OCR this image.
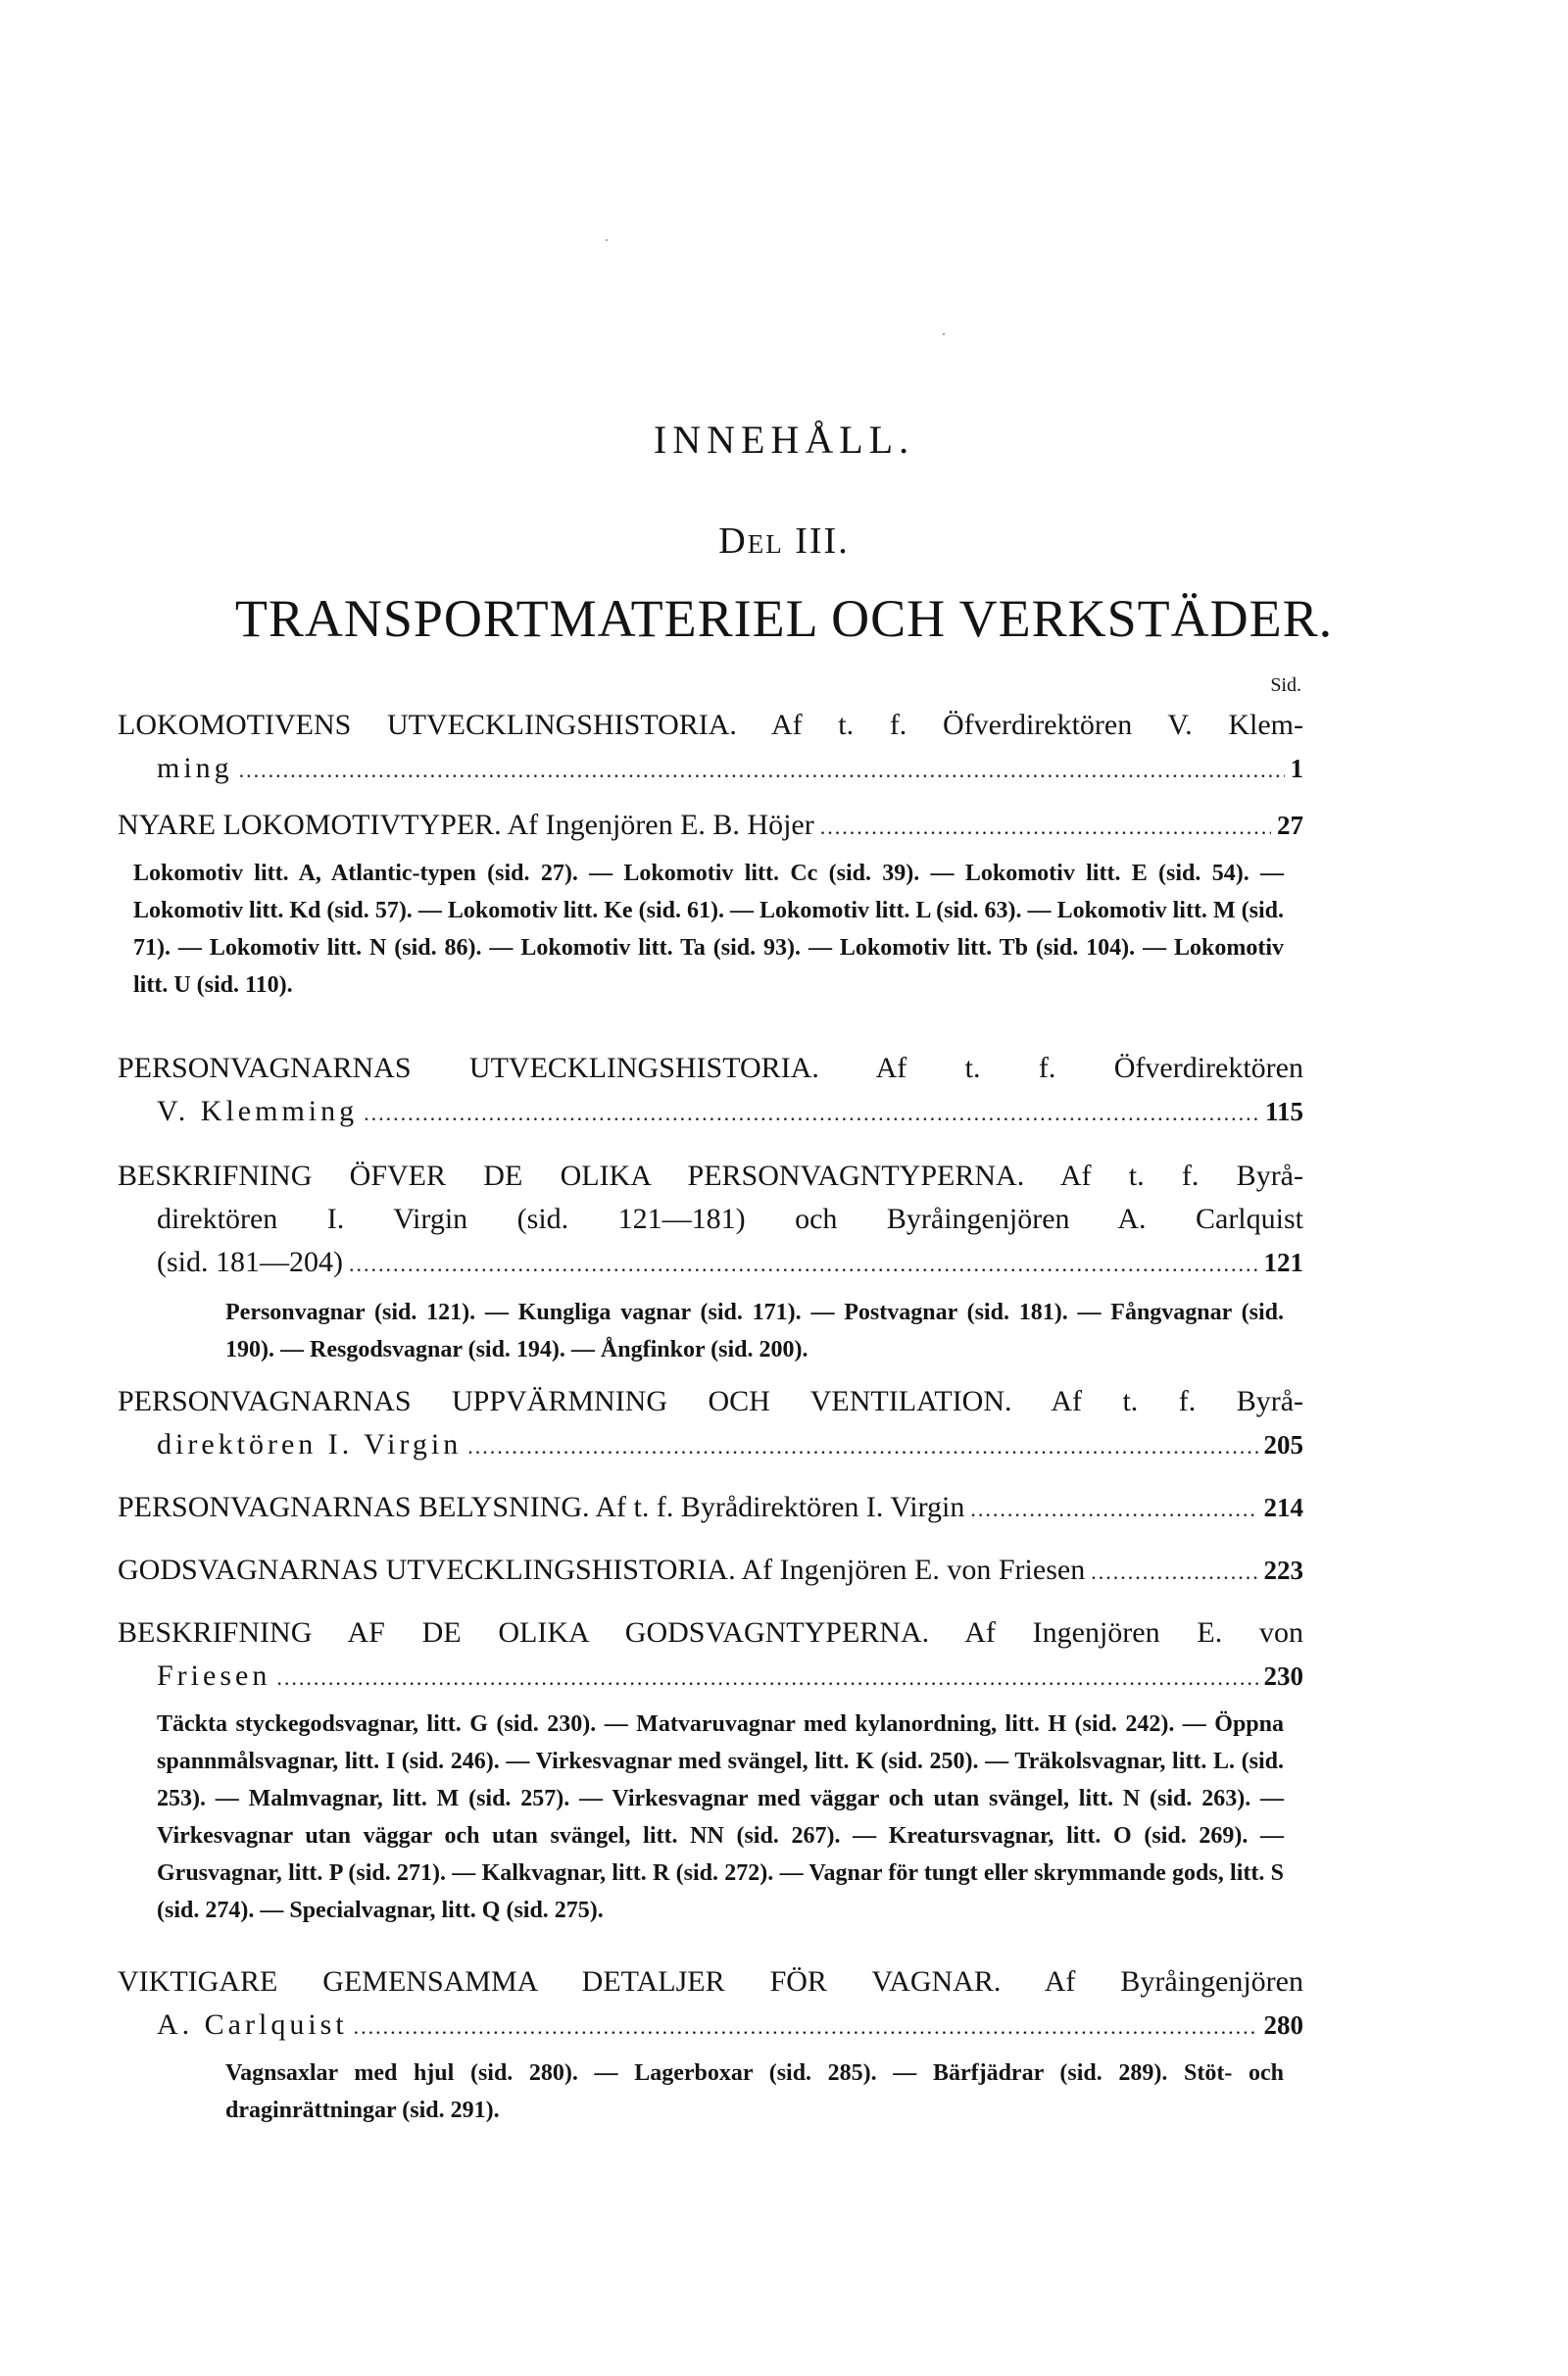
INNEHÅLL.
Del III.
TRANSPORTMATERIEL OCH VERKSTÄDER.
Sid.
LOKOMOTIVENS UTVECKLINGSHISTORIA. Af t. f. Öfverdirektören V. Klem-
ming .....	1
NYARE LOKOMOTIVTYPER. Af Ingenjören E. B. Höjer .....	27
Lokomotiv litt. A, Atlantic-typen (sid. 27). — Lokomotiv litt. Cc (sid. 39). — Lokomotiv litt. E (sid. 54). — Lokomotiv litt. Kd (sid. 57). — Lokomotiv litt. Ke (sid. 61). — Lokomotiv litt. L (sid. 63). — Lokomotiv litt. M (sid. 71). — Lokomotiv litt. N (sid. 86). — Lokomotiv litt. Ta (sid. 93). — Lokomotiv litt. Tb (sid. 104). — Lokomotiv litt. U (sid. 110).
PERSONVAGNARNAS UTVECKLINGSHISTORIA. Af t. f. Öfverdirektören
V. Klemming .....	115
BESKRIFNING ÖFVER DE OLIKA PERSONVAGNTYPERNA. Af t. f. Byrå-
direktören I. Virgin (sid. 121—181) och Byråingenjören A. Carlquist
(sid. 181—204) .....	121
Personvagnar (sid. 121). — Kungliga vagnar (sid. 171). — Postvagnar (sid. 181). — Fångvagnar (sid. 190). — Resgodsvagnar (sid. 194). — Ångfinkor (sid. 200).
PERSONVAGNARNAS UPPVÄRMNING OCH VENTILATION. Af t. f. Byrå-
direktören I. Virgin .....	205
PERSONVAGNARNAS BELYSNING. Af t. f. Byrådirektören I. Virgin .....	214
GODSVAGNARNAS UTVECKLINGSHISTORIA. Af Ingenjören E. von Friesen .....	223
BESKRIFNING AF DE OLIKA GODSVAGNTYPERNA. Af Ingenjören E. von
Friesen .....	230
Täckta styckegodsvagnar, litt. G (sid. 230). — Matvaruvagnar med kylanordning, litt. H (sid. 242). — Öppna spannmålsvagnar, litt. I (sid. 246). — Virkesvagnar med svängel, litt. K (sid. 250). — Träkolsvagnar, litt. L. (sid. 253). — Malmvagnar, litt. M (sid. 257). — Virkesvagnar med väggar och utan svängel, litt. N (sid. 263). — Virkesvagnar utan väggar och utan svängel, litt. NN (sid. 267). — Kreatursvagnar, litt. O (sid. 269). — Grusvagnar, litt. P (sid. 271). — Kalkvagnar, litt. R (sid. 272). — Vagnar för tungt eller skrymmande gods, litt. S (sid. 274). — Specialvagnar, litt. Q (sid. 275).
VIKTIGARE GEMENSAMMA DETALJER FÖR VAGNAR. Af Byråingenjören
A. Carlquist .....	280
Vagnsaxlar med hjul (sid. 280). — Lagerboxar (sid. 285). — Bärfjädrar (sid. 289). Stöt- och draginrättningar (sid. 291).
